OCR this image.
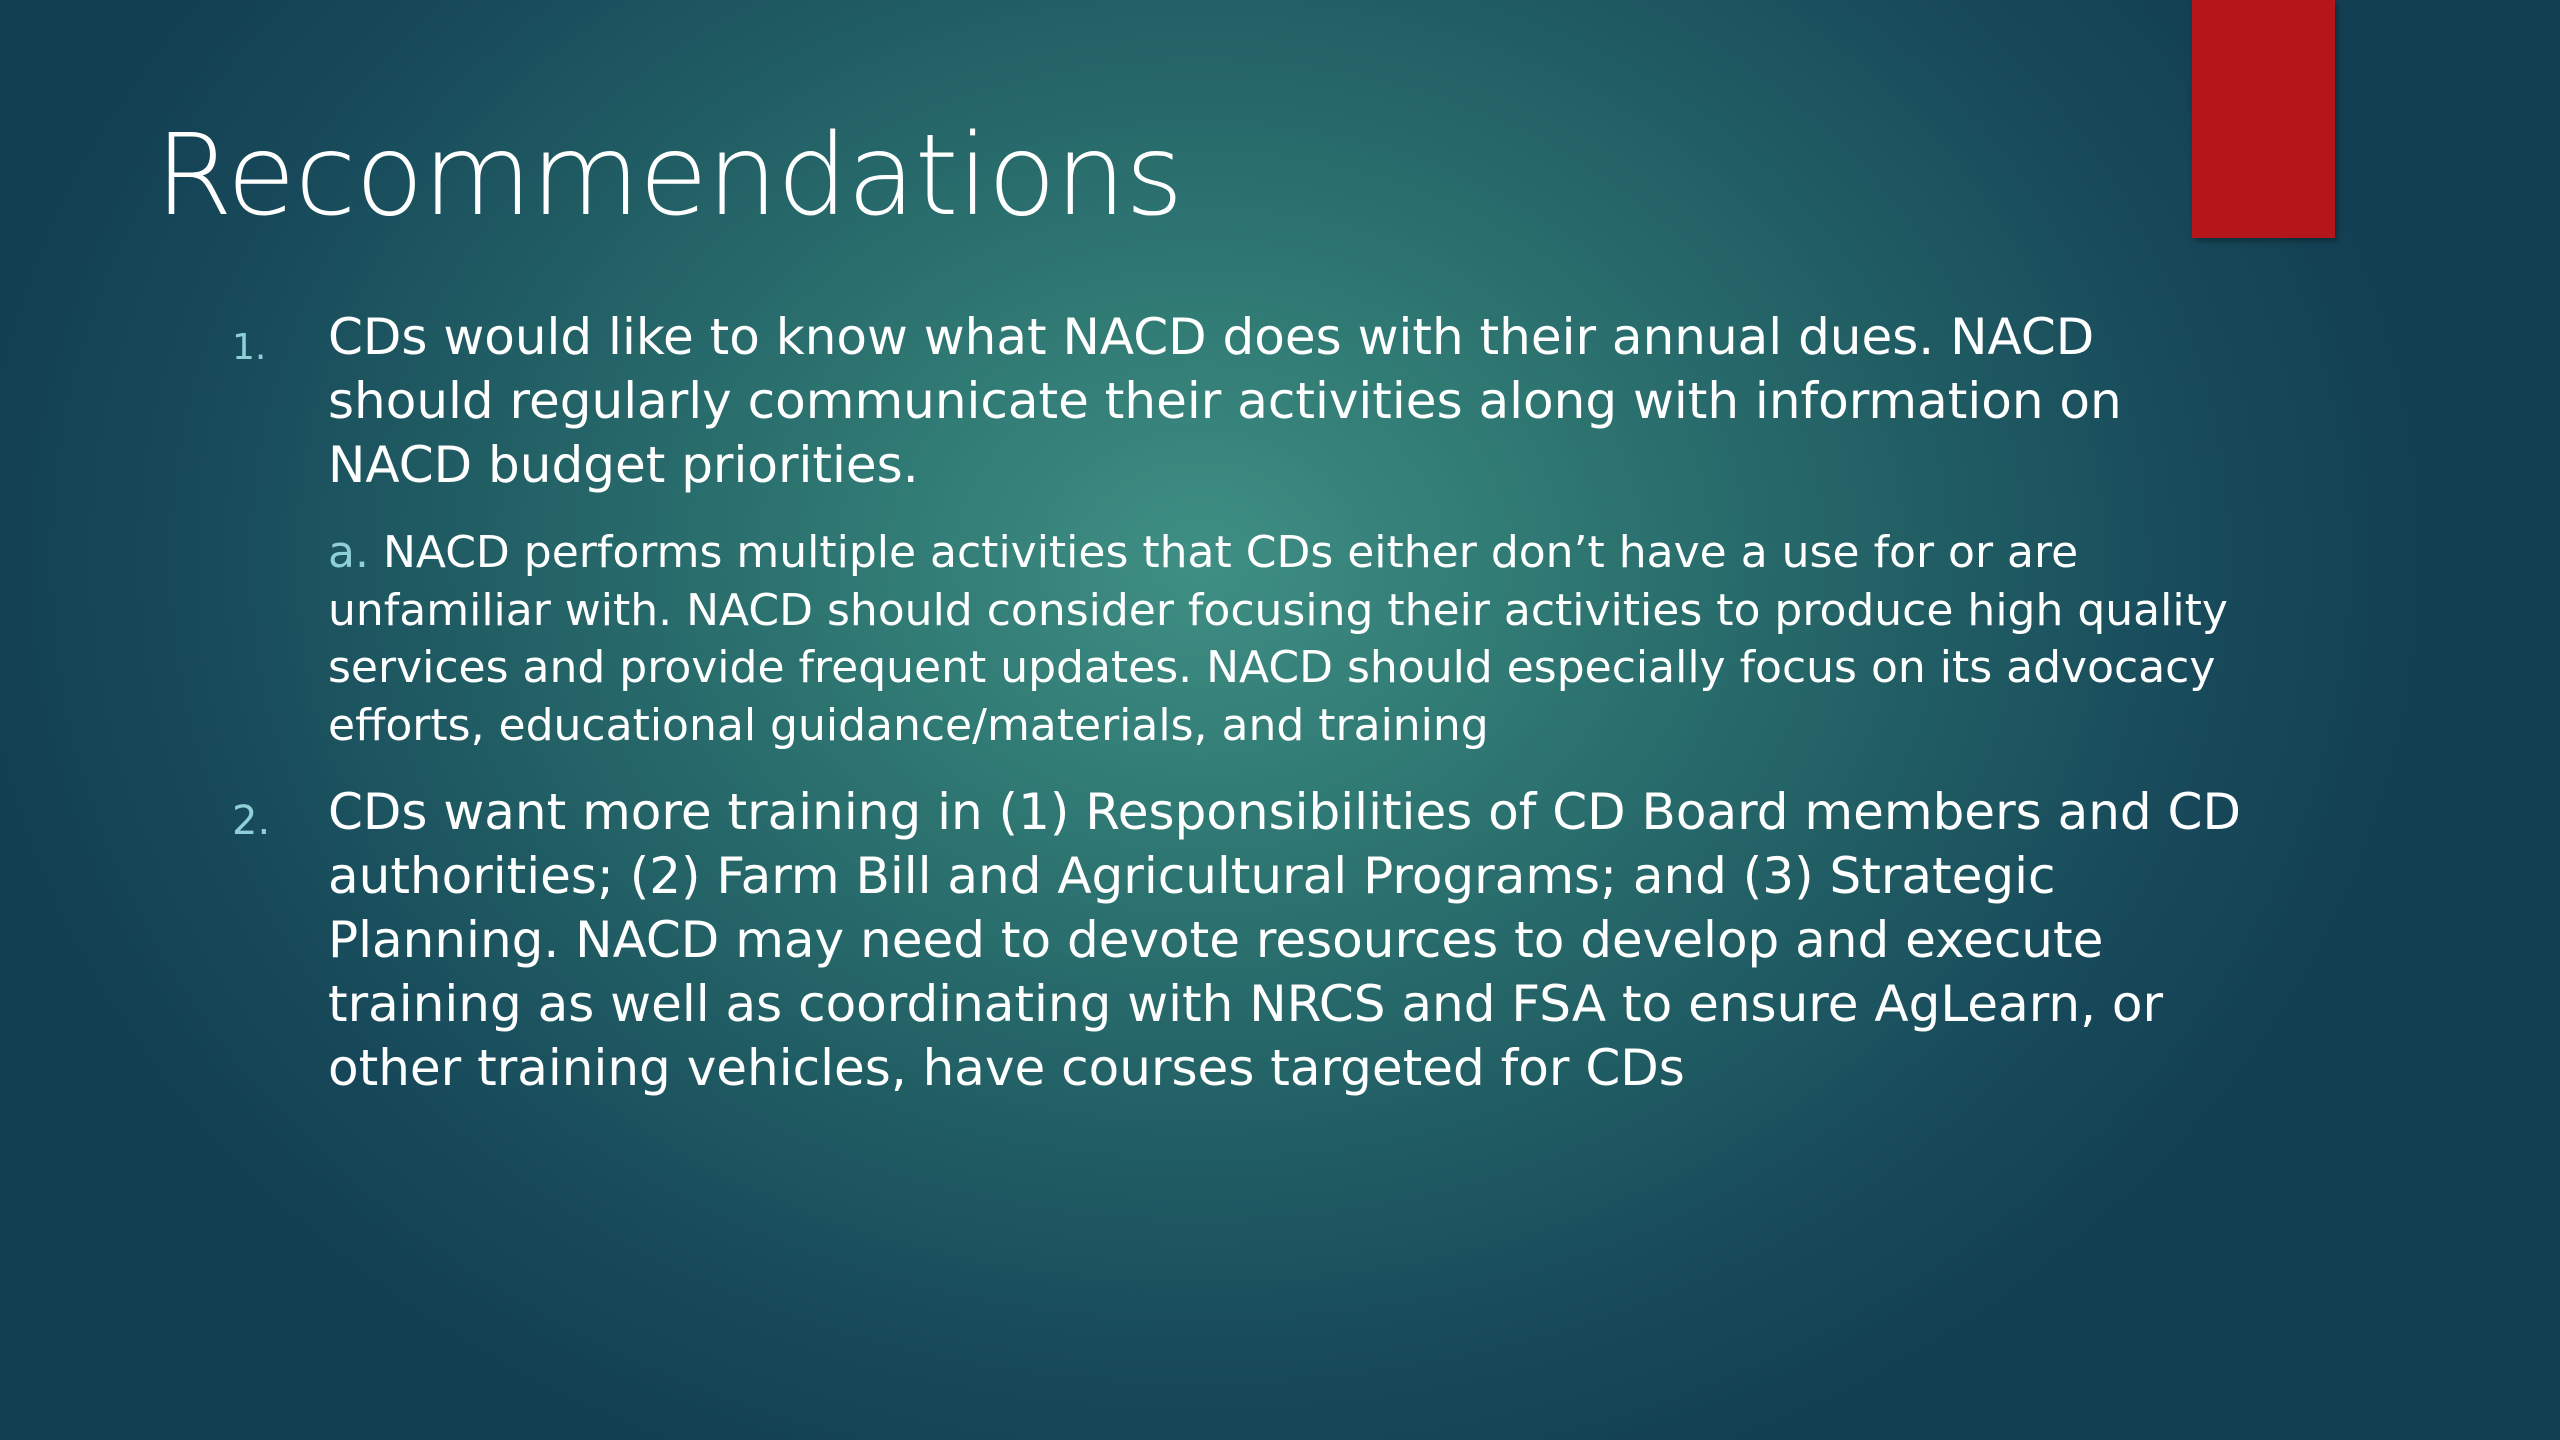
Recommendations
1. CDs would like to know what NACD does with their annual dues. NACD should regularly communicate their activities along with information on NACD budget priorities.
a. NACD performs multiple activities that CDs either don’t have a use for or are unfamiliar with. NACD should consider focusing their activities to produce high quality services and provide frequent updates. NACD should especially focus on its advocacy efforts, educational guidance/materials, and training
2. CDs want more training in (1) Responsibilities of CD Board members and CD authorities; (2) Farm Bill and Agricultural Programs; and (3) Strategic Planning. NACD may need to devote resources to develop and execute training as well as coordinating with NRCS and FSA to ensure AgLearn, or other training vehicles, have courses targeted for CDs
